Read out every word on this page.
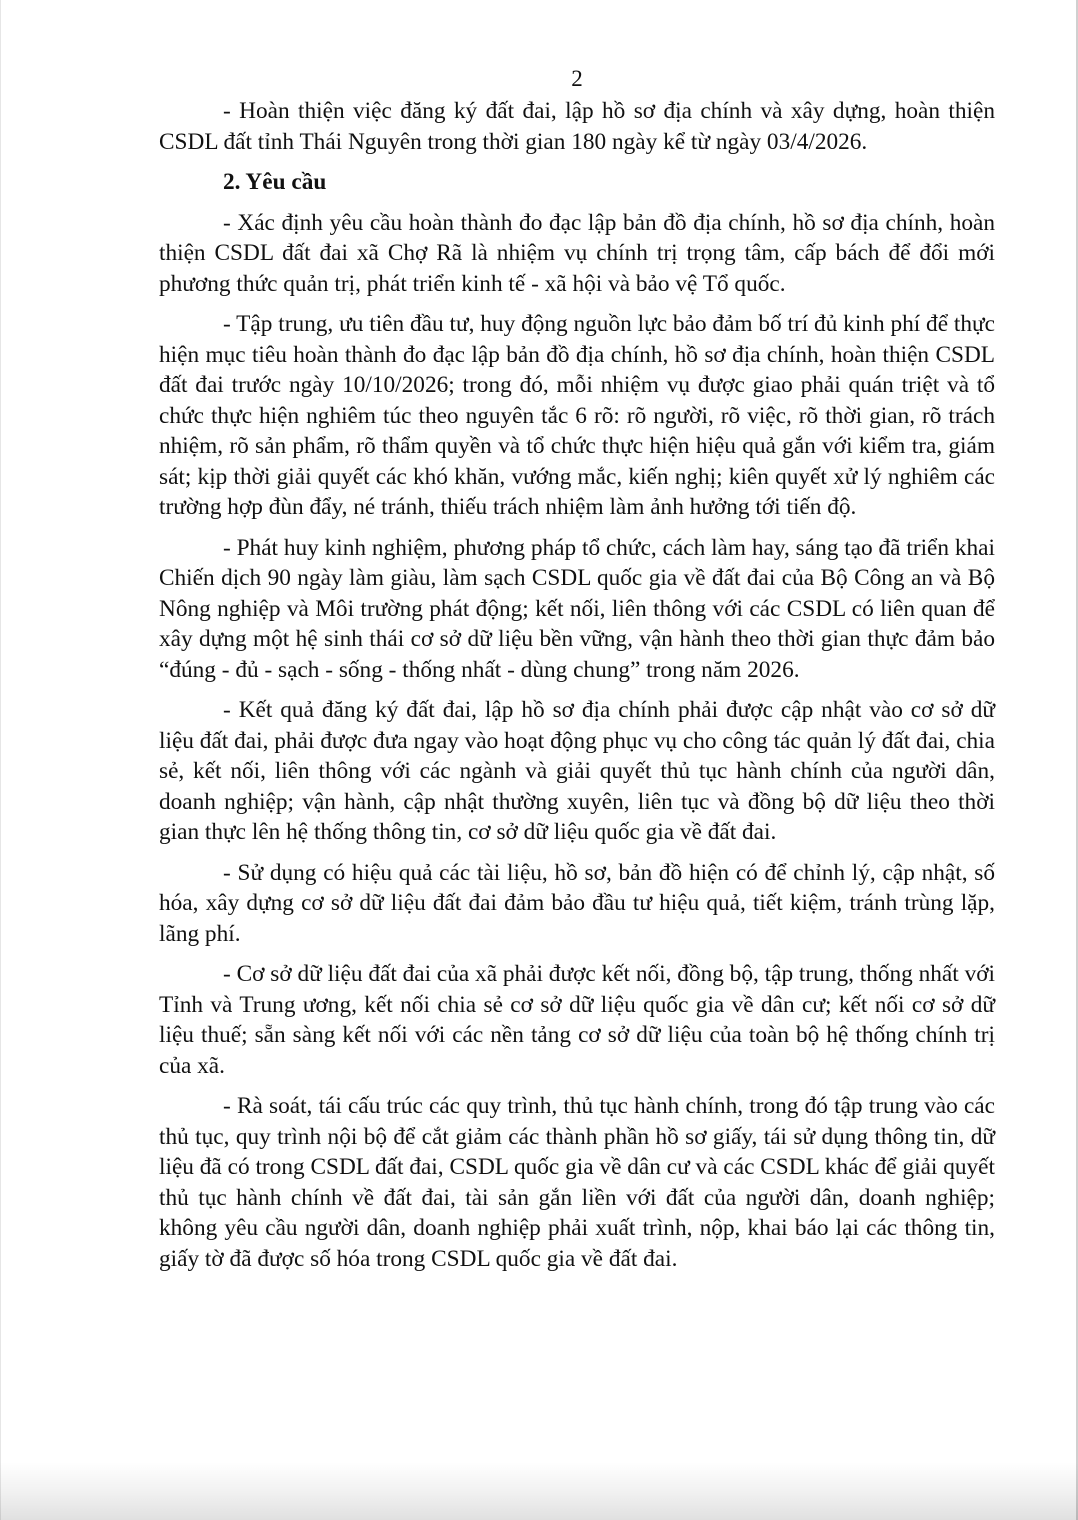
2

- Hoàn thiện việc đăng ký đất đai, lập hồ sơ địa chính và xây dựng, hoàn thiện CSDL đất tỉnh Thái Nguyên trong thời gian 180 ngày kể từ ngày 03/4/2026.

2. Yêu cầu

- Xác định yêu cầu hoàn thành đo đạc lập bản đồ địa chính, hồ sơ địa chính, hoàn thiện CSDL đất đai xã Chợ Rã là nhiệm vụ chính trị trọng tâm, cấp bách để đổi mới phương thức quản trị, phát triển kinh tế - xã hội và bảo vệ Tổ quốc.

- Tập trung, ưu tiên đầu tư, huy động nguồn lực bảo đảm bố trí đủ kinh phí để thực hiện mục tiêu hoàn thành đo đạc lập bản đồ địa chính, hồ sơ địa chính, hoàn thiện CSDL đất đai trước ngày 10/10/2026; trong đó, mỗi nhiệm vụ được giao phải quán triệt và tổ chức thực hiện nghiêm túc theo nguyên tắc 6 rõ: rõ người, rõ việc, rõ thời gian, rõ trách nhiệm, rõ sản phẩm, rõ thẩm quyền và tổ chức thực hiện hiệu quả gắn với kiểm tra, giám sát; kịp thời giải quyết các khó khăn, vướng mắc, kiến nghị; kiên quyết xử lý nghiêm các trường hợp đùn đẩy, né tránh, thiếu trách nhiệm làm ảnh hưởng tới tiến độ.

- Phát huy kinh nghiệm, phương pháp tổ chức, cách làm hay, sáng tạo đã triển khai Chiến dịch 90 ngày làm giàu, làm sạch CSDL quốc gia về đất đai của Bộ Công an và Bộ Nông nghiệp và Môi trường phát động; kết nối, liên thông với các CSDL có liên quan để xây dựng một hệ sinh thái cơ sở dữ liệu bền vững, vận hành theo thời gian thực đảm bảo “đúng - đủ - sạch - sống - thống nhất - dùng chung” trong năm 2026.

- Kết quả đăng ký đất đai, lập hồ sơ địa chính phải được cập nhật vào cơ sở dữ liệu đất đai, phải được đưa ngay vào hoạt động phục vụ cho công tác quản lý đất đai, chia sẻ, kết nối, liên thông với các ngành và giải quyết thủ tục hành chính của người dân, doanh nghiệp; vận hành, cập nhật thường xuyên, liên tục và đồng bộ dữ liệu theo thời gian thực lên hệ thống thông tin, cơ sở dữ liệu quốc gia về đất đai.

- Sử dụng có hiệu quả các tài liệu, hồ sơ, bản đồ hiện có để chỉnh lý, cập nhật, số hóa, xây dựng cơ sở dữ liệu đất đai đảm bảo đầu tư hiệu quả, tiết kiệm, tránh trùng lặp, lãng phí.

- Cơ sở dữ liệu đất đai của xã phải được kết nối, đồng bộ, tập trung, thống nhất với Tỉnh và Trung ương, kết nối chia sẻ cơ sở dữ liệu quốc gia về dân cư; kết nối cơ sở dữ liệu thuế; sẵn sàng kết nối với các nền tảng cơ sở dữ liệu của toàn bộ hệ thống chính trị của xã.

- Rà soát, tái cấu trúc các quy trình, thủ tục hành chính, trong đó tập trung vào các thủ tục, quy trình nội bộ để cắt giảm các thành phần hồ sơ giấy, tái sử dụng thông tin, dữ liệu đã có trong CSDL đất đai, CSDL quốc gia về dân cư và các CSDL khác để giải quyết thủ tục hành chính về đất đai, tài sản gắn liền với đất của người dân, doanh nghiệp; không yêu cầu người dân, doanh nghiệp phải xuất trình, nộp, khai báo lại các thông tin, giấy tờ đã được số hóa trong CSDL quốc gia về đất đai.
